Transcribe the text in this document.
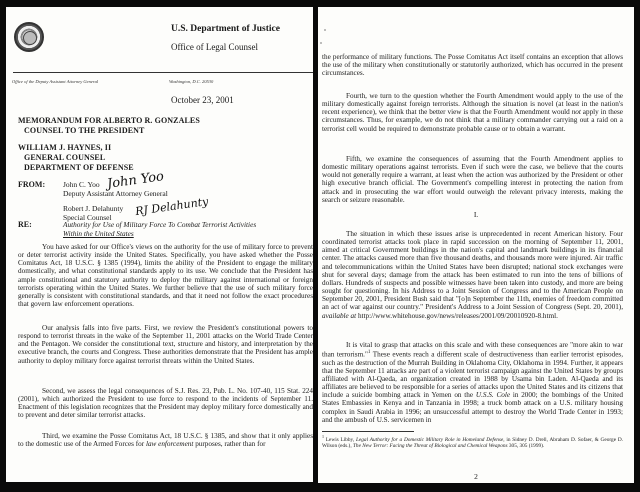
U.S. Department of Justice
Office of Legal Counsel
Office of the Deputy Assistant Attorney General	Washington, D.C. 20530
October 23, 2001
MEMORANDUM FOR ALBERTO R. GONZALES
COUNSEL TO THE PRESIDENT
WILLIAM J. HAYNES, II
GENERAL COUNSEL
DEPARTMENT OF DEFENSE
FROM: John C. Yoo
Deputy Assistant Attorney General
John Yoo
Robert J. Delahunty
Special Counsel RJ Delahunty
RE:	Authority for Use of Military Force To Combat Terrorist Activities
Within the United States
You have asked for our Office's views on the authority for the use of military force to prevent or deter terrorist activity inside the United States. Specifically, you have asked whether the Posse Comitatus Act, 18 U.S.C. § 1385 (1994), limits the ability of the President to engage the military domestically, and what constitutional standards apply to its use. We conclude that the President has ample constitutional and statutory authority to deploy the military against international or foreign terrorists operating within the United States. We further believe that the use of such military force generally is consistent with constitutional standards, and that it need not follow the exact procedures that govern law enforcement operations.
Our analysis falls into five parts. First, we review the President's constitutional powers to respond to terrorist threats in the wake of the September 11, 2001 attacks on the World Trade Center and the Pentagon. We consider the constitutional text, structure and history, and interpretation by the executive branch, the courts and Congress. These authorities demonstrate that the President has ample authority to deploy military force against terrorist threats within the United States.
Second, we assess the legal consequences of S.J. Res. 23, Pub. L. No. 107-40, 115 Stat. 224 (2001), which authorized the President to use force to respond to the incidents of September 11. Enactment of this legislation recognizes that the President may deploy military force domestically and to prevent and deter similar terrorist attacks.
Third, we examine the Posse Comitatus Act, 18 U.S.C. § 1385, and show that it only applies to the domestic use of the Armed Forces for law enforcement purposes, rather than for
the performance of military functions. The Posse Comitatus Act itself contains an exception that allows the use of the military when constitutionally or statutorily authorized, which has occurred in the present circumstances.
Fourth, we turn to the question whether the Fourth Amendment would apply to the use of the military domestically against foreign terrorists. Although the situation is novel (at least in the nation's recent experience), we think that the better view is that the Fourth Amendment would not apply in these circumstances. Thus, for example, we do not think that a military commander carrying out a raid on a terrorist cell would be required to demonstrate probable cause or to obtain a warrant.
Fifth, we examine the consequences of assuming that the Fourth Amendment applies to domestic military operations against terrorists. Even if such were the case, we believe that the courts would not generally require a warrant, at least when the action was authorized by the President or other high executive branch official. The Government's compelling interest in protecting the nation from attack and in prosecuting the war effort would outweigh the relevant privacy interests, making the search or seizure reasonable.
I.
The situation in which these issues arise is unprecedented in recent American history. Four coordinated terrorist attacks took place in rapid succession on the morning of September 11, 2001, aimed at critical Government buildings in the nation's capital and landmark buildings in its financial center. The attacks caused more than five thousand deaths, and thousands more were injured. Air traffic and telecommunications within the United States have been disrupted; national stock exchanges were shut for several days; damage from the attack has been estimated to run into the tens of billions of dollars. Hundreds of suspects and possible witnesses have been taken into custody, and more are being sought for questioning. In his Address to a Joint Session of Congress and to the American People on September 20, 2001, President Bush said that "[o]n September the 11th, enemies of freedom committed an act of war against our country." President's Address to a Joint Session of Congress (Sept. 20, 2001), available at http://www.whitehouse.gov/news/releases/2001/09/20010920-8.html.
It is vital to grasp that attacks on this scale and with these consequences are "more akin to war than terrorism."$^1$ These events reach a different scale of destructiveness than earlier terrorist episodes, such as the destruction of the Murrah Building in Oklahoma City, Oklahoma in 1994. Further, it appears that the September 11 attacks are part of a violent terrorist campaign against the United States by groups affiliated with Al-Qaeda, an organization created in 1988 by Usama bin Laden. Al-Qaeda and its affiliates are believed to be responsible for a series of attacks upon the United States and its citizens that include a suicide bombing attack in Yemen on the U.S.S. Cole in 2000; the bombings of the United States Embassies in Kenya and in Tanzania in 1998; a truck bomb attack on a U.S. military housing complex in Saudi Arabia in 1996; an unsuccessful attempt to destroy the World Trade Center in 1993; and the ambush of U.S. servicemen in
$^1$ Lewis Libby, Legal Authority for a Domestic Military Role in Homeland Defense, in Sidney D. Drell, Abraham D. Sofaer, & George D. Wilson (eds.), The New Terror: Facing the Threat of Biological and Chemical Weapons 305, 305 (1999).
2
